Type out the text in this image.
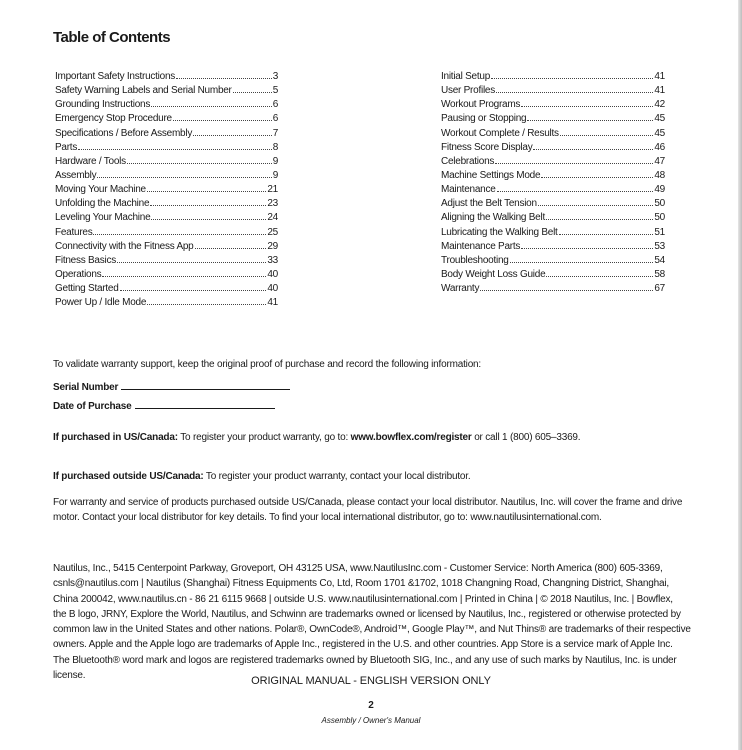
Table of Contents
Important Safety Instructions	3
Safety Warning Labels and Serial Number	5
Grounding Instructions	6
Emergency Stop Procedure	6
Specifications / Before Assembly	7
Parts	8
Hardware / Tools	9
Assembly	9
Moving Your Machine	21
Unfolding the Machine	23
Leveling Your Machine	24
Features	25
Connectivity with the Fitness App	29
Fitness Basics	33
Operations	40
Getting Started	40
Power Up / Idle Mode	41
Initial Setup	41
User Profiles	41
Workout Programs	42
Pausing or Stopping	45
Workout Complete / Results	45
Fitness Score Display	46
Celebrations	47
Machine Settings Mode	48
Maintenance	49
Adjust the Belt Tension	50
Aligning the Walking Belt	50
Lubricating the Walking Belt	51
Maintenance Parts	53
Troubleshooting	54
Body Weight Loss Guide	58
Warranty	67
To validate warranty support, keep the original proof of purchase and record the following information:
Serial Number
Date of Purchase
If purchased in US/Canada: To register your product warranty, go to: www.bowflex.com/register or call 1 (800) 605–3369.
If purchased outside US/Canada: To register your product warranty, contact your local distributor.
For warranty and service of products purchased outside US/Canada, please contact your local distributor. Nautilus, Inc. will cover the frame and drive
motor. Contact your local distributor for key details. To find your local international distributor, go to: www.nautilusinternational.com.
Nautilus, Inc., 5415 Centerpoint Parkway, Groveport, OH 43125 USA, www.NautilusInc.com - Customer Service: North America (800) 605-3369,
csnls@nautilus.com | Nautilus (Shanghai) Fitness Equipments Co, Ltd, Room 1701 &1702, 1018 Changning Road, Changning District, Shanghai,
China 200042, www.nautilus.cn - 86 21 6115 9668 | outside U.S. www.nautilusinternational.com | Printed in China | © 2018 Nautilus, Inc. | Bowflex,
the B logo, JRNY, Explore the World, Nautilus, and Schwinn are trademarks owned or licensed by Nautilus, Inc., registered or otherwise protected by
common law in the United States and other nations. Polar®, OwnCode®, Android™, Google Play™, and Nut Thins® are trademarks of their respective
owners. Apple and the Apple logo are trademarks of Apple Inc., registered in the U.S. and other countries. App Store is a service mark of Apple Inc.
The Bluetooth® word mark and logos are registered trademarks owned by Bluetooth SIG, Inc., and any use of such marks by Nautilus, Inc. is under
license.	ORIGINAL MANUAL - ENGLISH VERSION ONLY
2
Assembly / Owner's Manual
